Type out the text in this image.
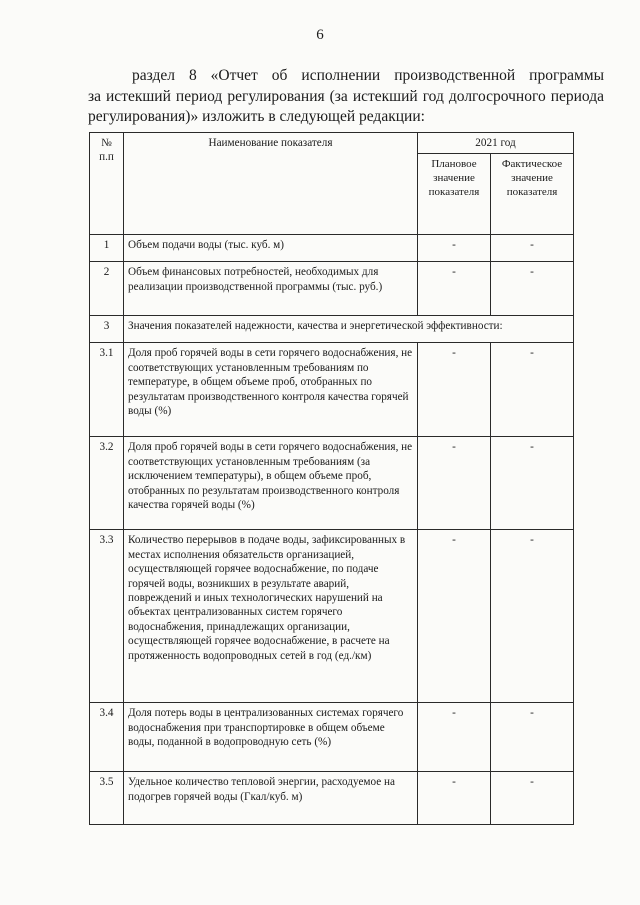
6
раздел 8 «Отчет об исполнении производственной программы
за истекший период регулирования (за истекший год долгосрочного периода регулирования)» изложить в следующей редакции:
№ п.п	Наименование показателя	2021 год	
		Плановое значение показателя	Фактическое значение показателя
1	Объем подачи воды (тыс. куб. м)	-	-
2	Объем финансовых потребностей, необходимых для реализации производственной программы (тыс. руб.)	-	-
3	Значения показателей надежности, качества и энергетической эффективности:		
3.1	Доля проб горячей воды в сети горячего водоснабжения, не соответствующих установленным требованиям по температуре, в общем объеме проб, отобранных по результатам производственного контроля качества горячей воды (%)	-	-
3.2	Доля проб горячей воды в сети горячего водоснабжения, не соответствующих установленным требованиям (за исключением температуры), в общем объеме проб, отобранных по результатам производственного контроля качества горячей воды (%)	-	-
3.3	Количество перерывов в подаче воды, зафиксированных в местах исполнения обязательств организацией, осуществляющей горячее водоснабжение, по подаче горячей воды, возникших в результате аварий, повреждений и иных технологических нарушений на объектах централизованных систем горячего водоснабжения, принадлежащих организации, осуществляющей горячее водоснабжение, в расчете на протяженность водопроводных сетей в год (ед./км)	-	-
3.4	Доля потерь воды в централизованных системах горячего водоснабжения при транспортировке в общем объеме воды, поданной в водопроводную сеть (%)	-	-
3.5	Удельное количество тепловой энергии, расходуемое на подогрев горячей воды (Гкал/куб. м)	-	-
